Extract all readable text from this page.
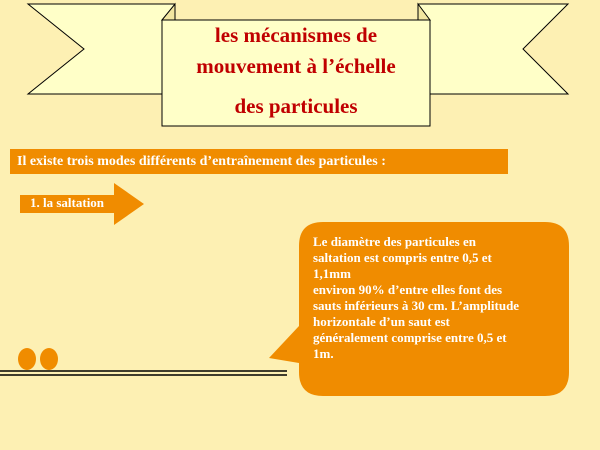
les mécanismes de
mouvement à l’échelle
des particules
Il existe trois modes différents d’entraînement des particules :
1. la saltation
Le diamètre des particules en
saltation est compris entre 0,5 et
1,1mm
environ 90% d’entre elles font des
sauts inférieurs à 30 cm. L’amplitude
horizontale d’un saut est
généralement comprise entre 0,5 et
1m.
